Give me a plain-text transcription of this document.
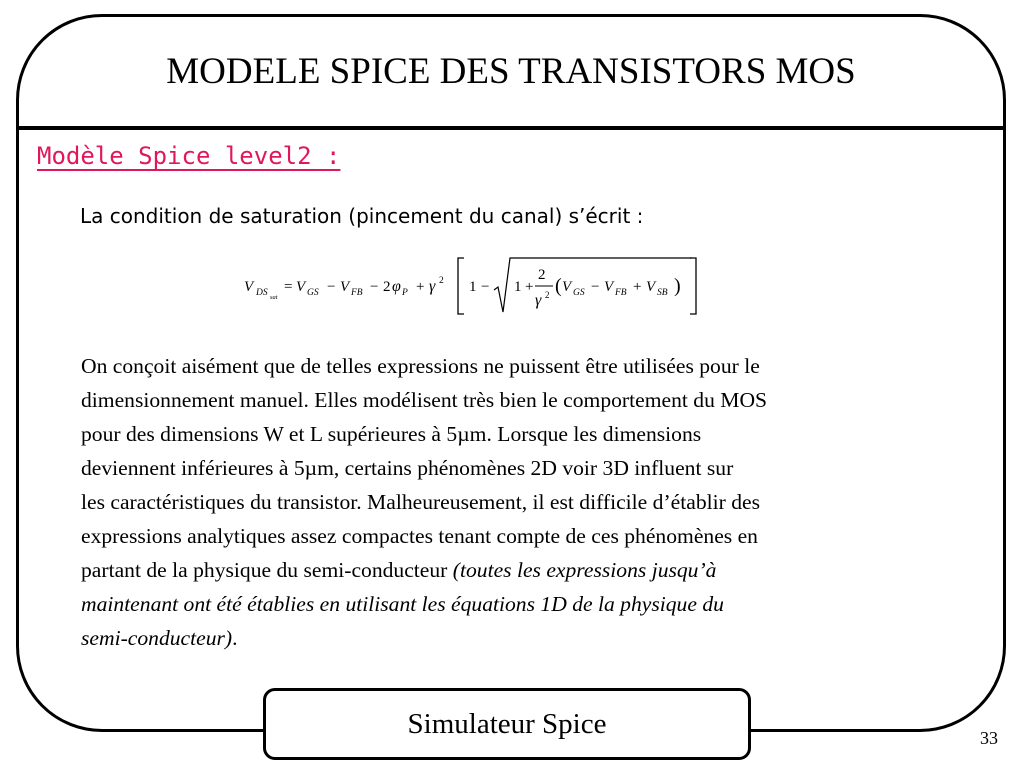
MODELE SPICE DES TRANSISTORS MOS
Modèle Spice level2 :
La condition de saturation (pincement du canal) s’écrit :
V DS sat
= V GS − V FB − 2 φ P + γ 2 1 − 1 +
2
γ 2 ( V GS − V FB + V SB )
On conçoit aisément que de telles expressions ne puissent être utilisées pour le
dimensionnement manuel. Elles modélisent très bien le comportement du MOS
pour des dimensions W et L supérieures à 5µm. Lorsque les dimensions
deviennent inférieures à 5µm, certains phénomènes 2D voir 3D influent sur
les caractéristiques du transistor. Malheureusement, il est difficile d’établir des
expressions analytiques assez compactes tenant compte de ces phénomènes en
partant de la physique du semi-conducteur (toutes les expressions jusqu’à
maintenant ont été établies en utilisant les équations 1D de la physique du
semi-conducteur).
Simulateur Spice	33
